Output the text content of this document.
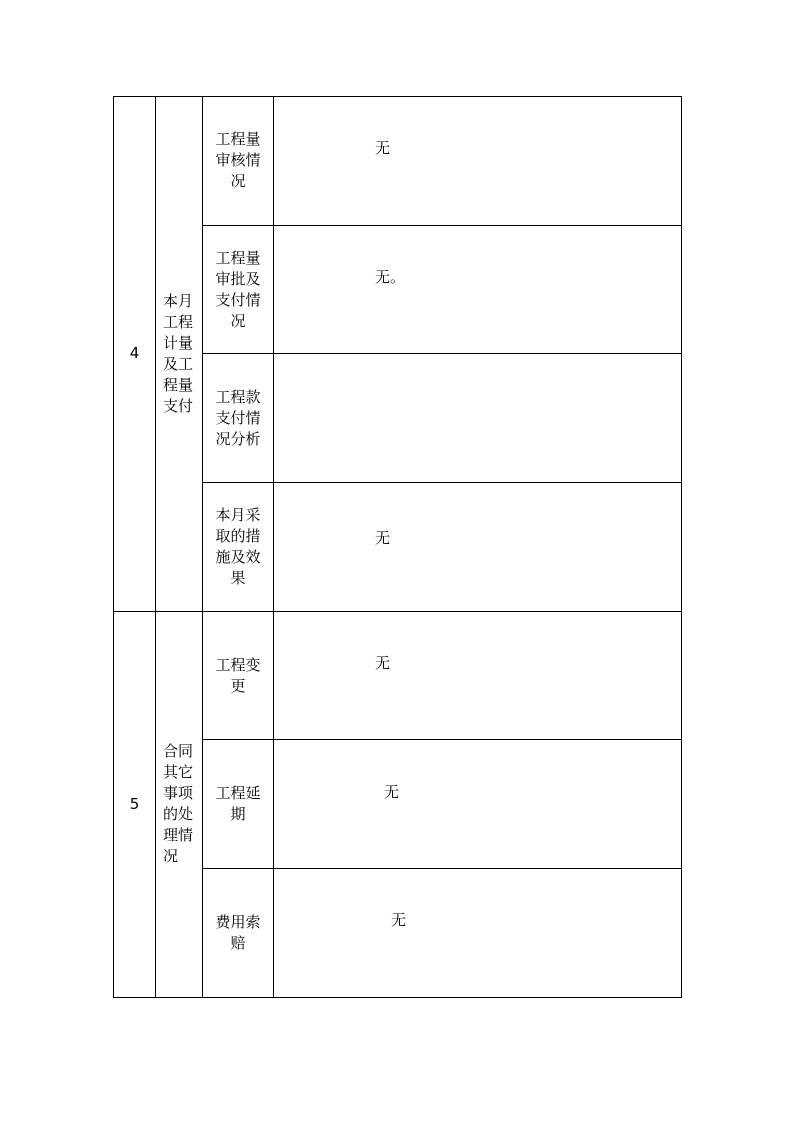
4	本月工程计量及工程量支付	工程量审核情况	无

		工程量审批及支付情况	无。

		工程款支付情况分析	

		本月采取的措施及效果	无

5	合同其它事项的处理情况	工程变更	无

		工程延期	无

		费用索赔	无
